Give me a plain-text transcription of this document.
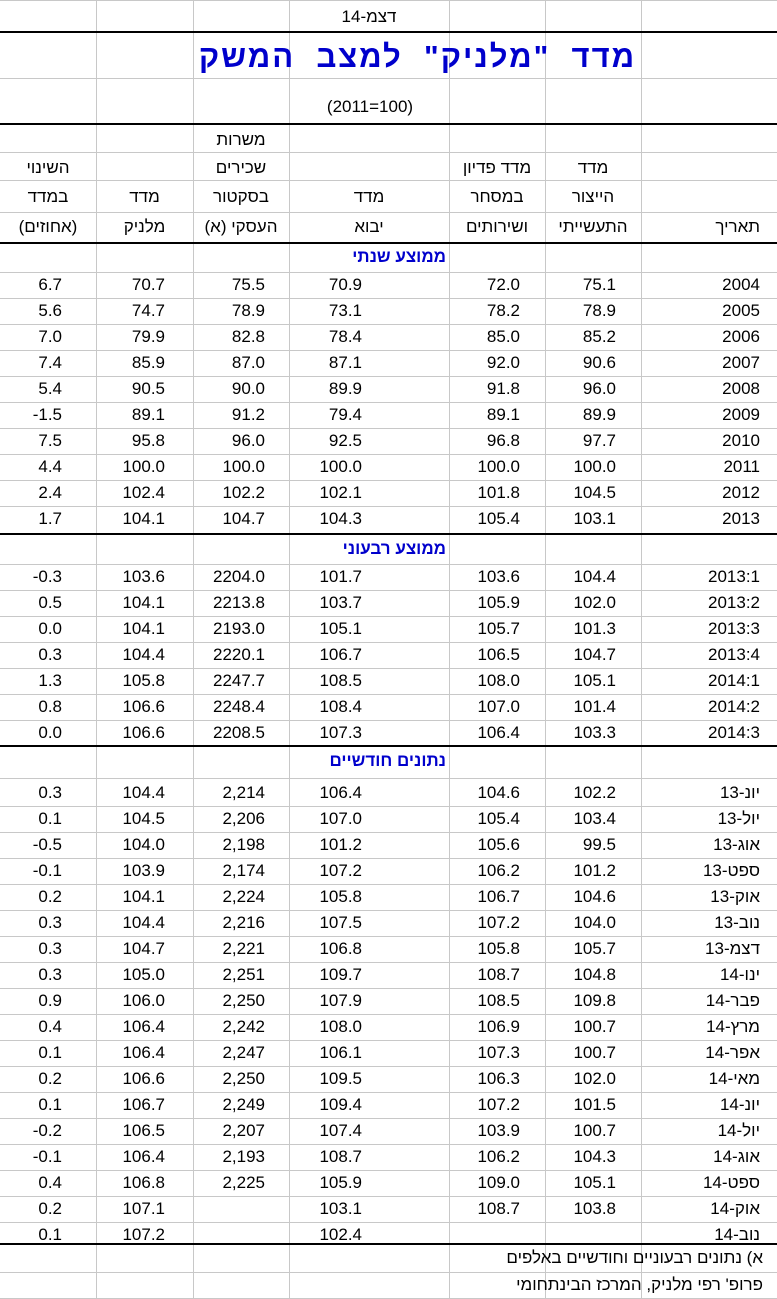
דצמ-14
מדד  "מלניק"  למצב  המשק
(2011=100)
תאריך
מדד
הייצור
התעשייתי
מדד פדיון
במסחר
ושירותים
מדד
יבוא
משרות
שכירים
בסקטור
העסקי (א)
מדד
מלניק
השינוי
במדד
(אחוזים)
ממוצע שנתי
2004
75.1
72.0
70.9
75.5
70.7
6.7
2005
78.9
78.2
73.1
78.9
74.7
5.6
2006
85.2
85.0
78.4
82.8
79.9
7.0
2007
90.6
92.0
87.1
87.0
85.9
7.4
2008
96.0
91.8
89.9
90.0
90.5
5.4
2009
89.9
89.1
79.4
91.2
89.1
-1.5
2010
97.7
96.8
92.5
96.0
95.8
7.5
2011
100.0
100.0
100.0
100.0
100.0
4.4
2012
104.5
101.8
102.1
102.2
102.4
2.4
2013
103.1
105.4
104.3
104.7
104.1
1.7
ממוצע רבעוני
2013:1
104.4
103.6
101.7
2204.0
103.6
-0.3
2013:2
102.0
105.9
103.7
2213.8
104.1
0.5
2013:3
101.3
105.7
105.1
2193.0
104.1
0.0
2013:4
104.7
106.5
106.7
2220.1
104.4
0.3
2014:1
105.1
108.0
108.5
2247.7
105.8
1.3
2014:2
101.4
107.0
108.4
2248.4
106.6
0.8
2014:3
103.3
106.4
107.3
2208.5
106.6
0.0
נתונים חודשיים
יונ-13
102.2
104.6
106.4
2,214
104.4
0.3
יול-13
103.4
105.4
107.0
2,206
104.5
0.1
אוג-13
99.5
105.6
101.2
2,198
104.0
-0.5
ספט-13
101.2
106.2
107.2
2,174
103.9
-0.1
אוק-13
104.6
106.7
105.8
2,224
104.1
0.2
נוב-13
104.0
107.2
107.5
2,216
104.4
0.3
דצמ-13
105.7
105.8
106.8
2,221
104.7
0.3
ינו-14
104.8
108.7
109.7
2,251
105.0
0.3
פבר-14
109.8
108.5
107.9
2,250
106.0
0.9
מרץ-14
100.7
106.9
108.0
2,242
106.4
0.4
אפר-14
100.7
107.3
106.1
2,247
106.4
0.1
מאי-14
102.0
106.3
109.5
2,250
106.6
0.2
יונ-14
101.5
107.2
109.4
2,249
106.7
0.1
יול-14
100.7
103.9
107.4
2,207
106.5
-0.2
אוג-14
104.3
106.2
108.7
2,193
106.4
-0.1
ספט-14
105.1
109.0
105.9
2,225
106.8
0.4
אוק-14
103.8
108.7
103.1
107.1
0.2
נוב-14
102.4
107.2
0.1
א) נתונים רבעוניים וחודשיים באלפים
פרופ' רפי מלניק, המרכז הבינתחומי
